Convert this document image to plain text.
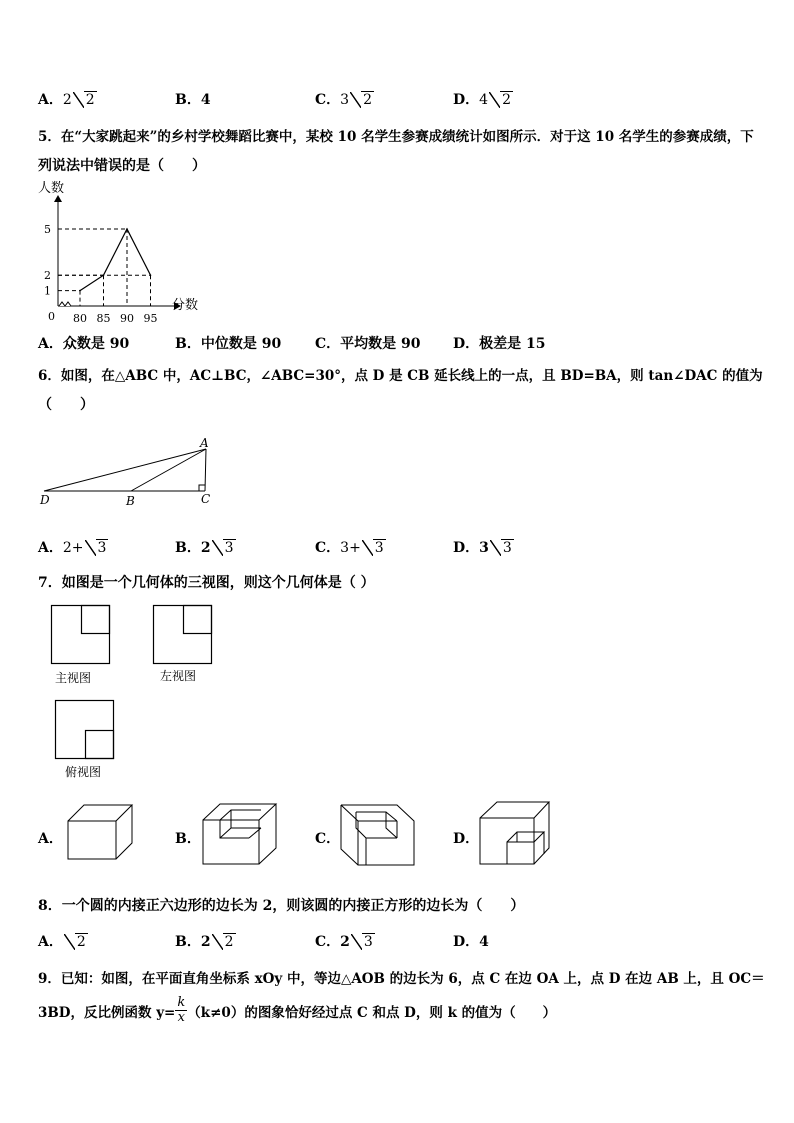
A．2 2	B．4	C．3 2	D．4 2
5．在“大家跳起来”的乡村学校舞蹈比赛中，某校 10 名学生参赛成绩统计如图所示．对于这 10 名学生的参赛成绩，下
列说法中错误的是（　　）
人数
分数
0 80 85 90 95
1
2
5
A．众数是 90	B．中位数是 90 C．平均数是 90 D．极差是 15
6．如图，在△ABC 中，AC⊥BC，∠ABC=30°，点 D 是 CB 延长线上的一点，且 BD=BA，则 tan∠DAC 的值为
（　　）
A
D	B	C
A．2+ 3	B．2 3	C．3+ 3	D．3 3
7．如图是一个几何体的三视图，则这个几何体是（ ）
主视图	左视图
俯视图
A．	B．	C．	D．
8．一个圆的内接正六边形的边长为 2，则该圆的内接正方形的边长为（　　）
A． 2	B．2 2	C．2 3	D．4
9．已知：如图，在平面直角坐标系 xOy 中，等边△AOB 的边长为 6，点 C 在边 OA 上，点 D 在边 AB 上，且 OC＝
3BD，反比例函数 $y= \frac{k}{x} (k\ne 0)$的图象恰好经过点 C 和点 D，则 k 的值为（　　）
